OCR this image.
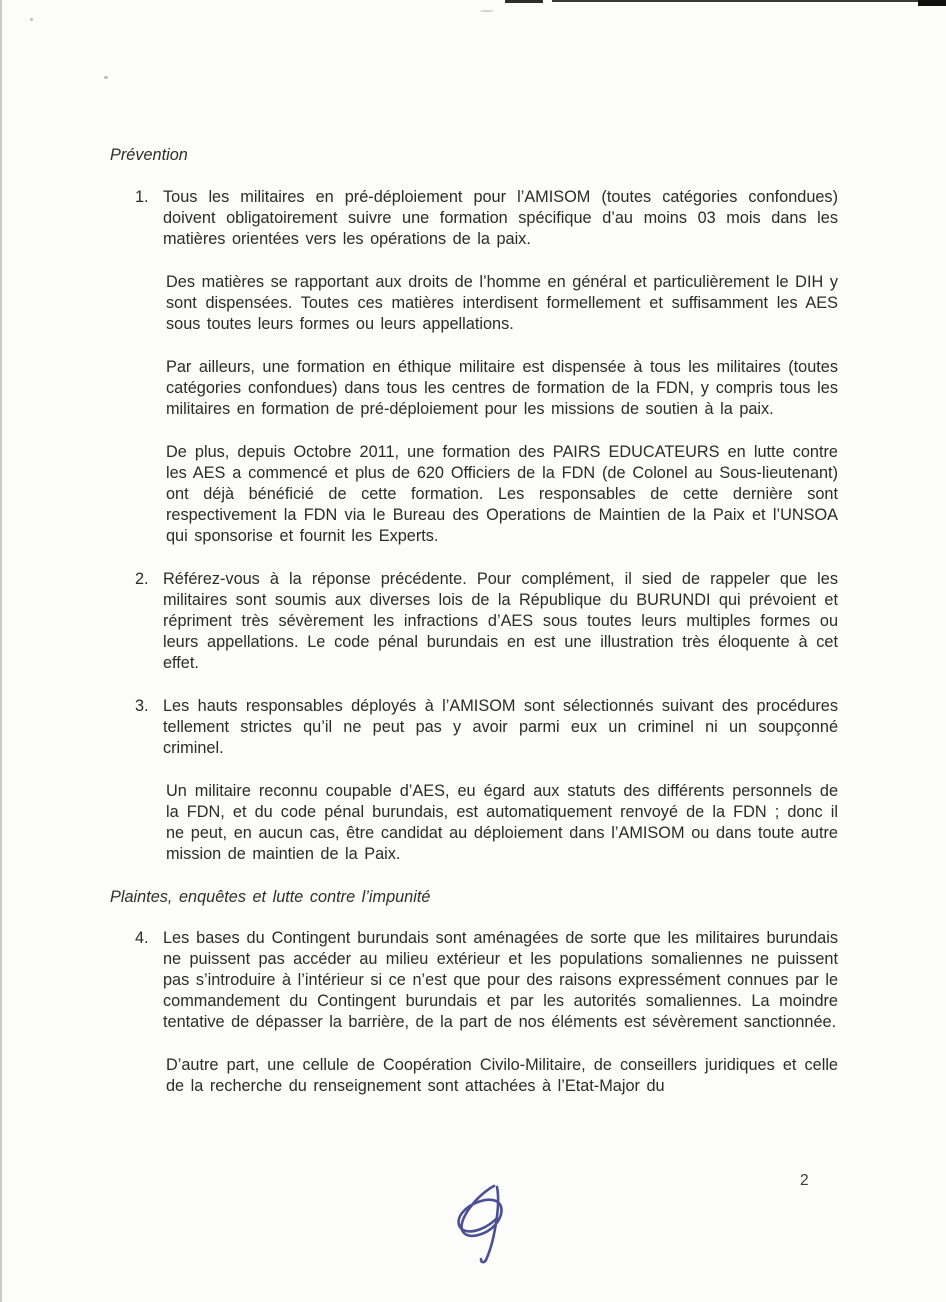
Prévention
1. Tous les militaires en pré-déploiement pour l’AMISOM (toutes catégories confondues) doivent obligatoirement suivre une formation spécifique d’au moins 03 mois dans les matières orientées vers les opérations de la paix.
Des matières se rapportant aux droits de l’homme en général et particulièrement le DIH y sont dispensées. Toutes ces matières interdisent formellement et suffisamment les AES sous toutes leurs formes ou leurs appellations.
Par ailleurs, une formation en éthique militaire est dispensée à tous les militaires (toutes catégories confondues) dans tous les centres de formation de la FDN, y compris tous les militaires en formation de pré-déploiement pour les missions de soutien à la paix.
De plus, depuis Octobre 2011, une formation des PAIRS EDUCATEURS en lutte contre les AES a commencé et plus de 620 Officiers de la FDN (de Colonel au Sous-lieutenant) ont déjà bénéficié de cette formation. Les responsables de cette dernière sont respectivement la FDN via le Bureau des Operations de Maintien de la Paix et l’UNSOA qui sponsorise et fournit les Experts.
2. Référez-vous à la réponse précédente. Pour complément, il sied de rappeler que les militaires sont soumis aux diverses lois de la République du BURUNDI qui prévoient et répriment très sévèrement les infractions d’AES sous toutes leurs multiples formes ou leurs appellations. Le code pénal burundais en est une illustration très éloquente à cet effet.
3. Les hauts responsables déployés à l’AMISOM sont sélectionnés suivant des procédures tellement strictes qu’il ne peut pas y avoir parmi eux un criminel ni un soupçonné criminel.
Un militaire reconnu coupable d’AES, eu égard aux statuts des différents personnels de la FDN, et du code pénal burundais, est automatiquement renvoyé de la FDN ; donc il ne peut, en aucun cas, être candidat au déploiement dans l’AMISOM ou dans toute autre mission de maintien de la Paix.
Plaintes, enquêtes et lutte contre l’impunité
4. Les bases du Contingent burundais sont aménagées de sorte que les militaires burundais ne puissent pas accéder au milieu extérieur et les populations somaliennes ne puissent pas s’introduire à l’intérieur si ce n’est que pour des raisons expressément connues par le commandement du Contingent burundais et par les autorités somaliennes. La moindre tentative de dépasser la barrière, de la part de nos éléments est sévèrement sanctionnée.
D’autre part, une cellule de Coopération Civilo-Militaire, de conseillers juridiques et celle de la recherche du renseignement sont attachées à l’Etat-Major du
2
